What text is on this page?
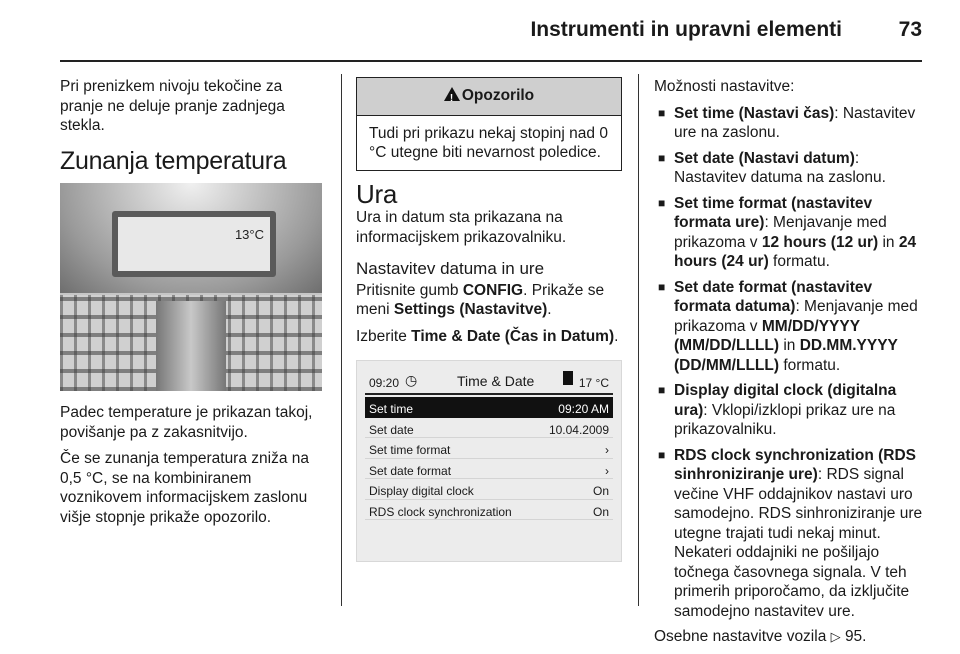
Instrumenti in upravni elementi	73

Pri prenizkem nivoju tekočine za pranje ne deluje pranje zadnjega stekla.

Zunanja temperatura
13°C

Padec temperature je prikazan takoj, povišanje pa z zakasnitvijo.

Če se zunanja temperatura zniža na 0,5 °C, se na kombiniranem voznikovem informacijskem zaslonu višje stopnje prikaže opozorilo.

! Opozorilo
Tudi pri prikazu nekaj stopinj nad 0 °C utegne biti nevarnost poledice.
Ura

Ura in datum sta prikazana na informacijskem prikazovalniku.

Nastavitev datuma in ure

Pritisnite gumb CONFIG. Prikaže se meni Settings (Nastavitve).

Izberite Time & Date (Čas in Datum).

09:20 ◷	Time & Date	17 °C
Set time	09:20 AM
Set date	10.04.2009
Set time format	›
Set date format	›
Display digital clock	On
RDS clock synchronization	On

Možnosti nastavitve:

■ Set time (Nastavi čas): Nastavitev ure na zaslonu.
■ Set date (Nastavi datum): Nastavitev datuma na zaslonu.
■ Set time format (nastavitev formata ure): Menjavanje med prikazoma v 12 hours (12 ur) in 24 hours (24 ur) formatu.
■ Set date format (nastavitev formata datuma): Menjavanje med prikazoma v MM/DD/YYYY (MM/DD/LLLL) in DD.MM.YYYY (DD/MM/LLLL) formatu.
■ Display digital clock (digitalna ura): Vklopi/izklopi prikaz ure na prikazovalniku.
■ RDS clock synchronization (RDS sinhroniziranje ure): RDS signal večine VHF oddajnikov nastavi uro samodejno. RDS sinhroniziranje ure utegne trajati tudi nekaj minut. Nekateri oddajniki ne pošiljajo točnega časovnega signala. V teh primerih priporočamo, da izključite samodejno nastavitev ure.

Osebne nastavitve vozila ▷ 95.
